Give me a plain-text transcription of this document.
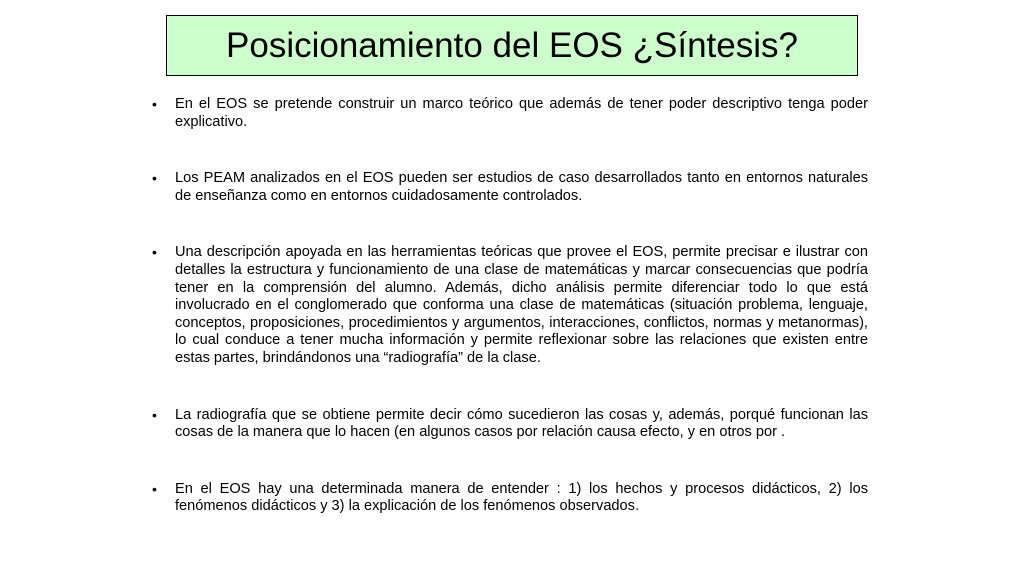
Posicionamiento del EOS ¿Síntesis?
•	En el EOS se pretende construir un marco teórico que además de tener poder descriptivo tenga poder explicativo.
•	Los PEAM analizados en el EOS pueden ser estudios de caso desarrollados tanto en entornos naturales de enseñanza como en entornos cuidadosamente controlados.
•	Una descripción apoyada en las herramientas teóricas que provee el EOS, permite precisar e ilustrar con detalles la estructura y funcionamiento de una clase de matemáticas y marcar consecuencias que podría tener en la comprensión del alumno. Además, dicho análisis permite diferenciar todo lo que está involucrado en el conglomerado que conforma una clase de matemáticas (situación problema, lenguaje, conceptos, proposiciones, procedimientos y argumentos, interacciones, conflictos, normas y metanormas), lo cual conduce a tener mucha información y permite reflexionar sobre las relaciones que existen entre estas partes, brindándonos una “radiografía” de la clase.
•	La radiografía que se obtiene permite decir cómo sucedieron las cosas y, además, porqué funcionan las cosas de la manera que lo hacen (en algunos casos por relación causa efecto, y en otros por .
•	En el EOS hay una determinada manera de entender : 1) los hechos y procesos didácticos, 2) los fenómenos didácticos y 3) la explicación de los fenómenos observados.
